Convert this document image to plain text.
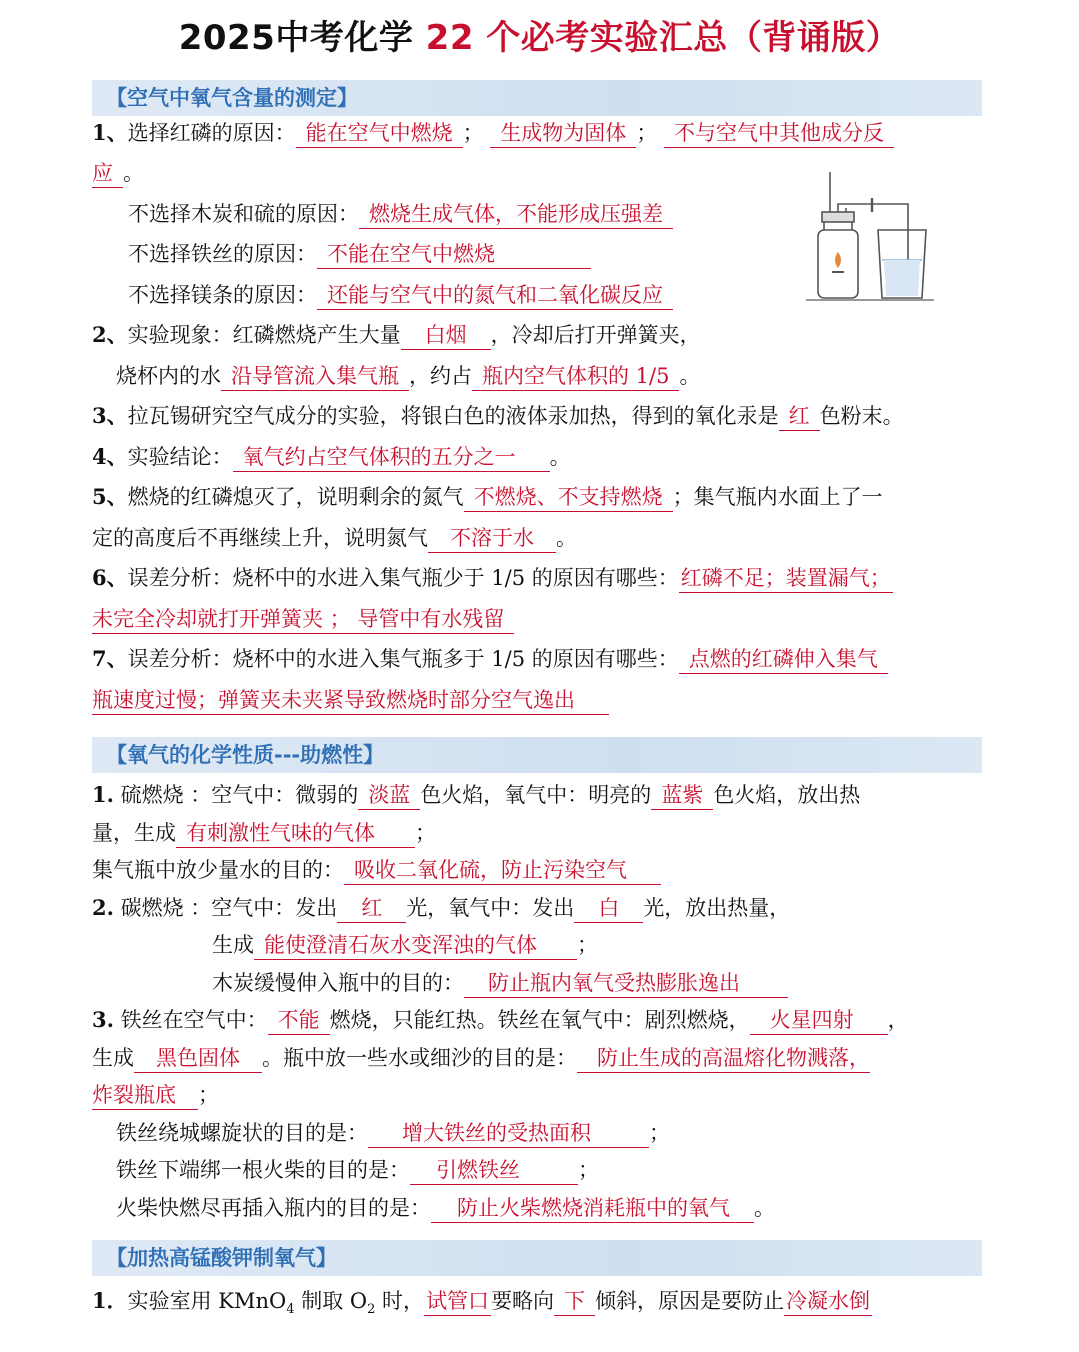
2025中考化学 22 个必考实验汇总（背诵版）
【空气中氧气含量的测定】
1、选择红磷的原因： 能在空气中燃烧 ； 生成物为固体 ； 不与空气中其他成分反
应 。
不选择木炭和硫的原因： 燃烧生成气体，不能形成压强差
不选择铁丝的原因： 不能在空气中燃烧
不选择镁条的原因： 还能与空气中的氮气和二氧化碳反应
2、实验现象：红磷燃烧产生大量 白烟 ，冷却后打开弹簧夹，
烧杯内的水 沿导管流入集气瓶 ，约占 瓶内空气体积的 1/5 。
3、拉瓦锡研究空气成分的实验，将银白色的液体汞加热，得到的氧化汞是 红 色粉末。
4、实验结论： 氧气约占空气体积的五分之一 。
5、燃烧的红磷熄灭了，说明剩余的氮气 不燃烧、不支持燃烧 ；集气瓶内水面上了一
定的高度后不再继续上升，说明氮气 不溶于水 。
6、误差分析：烧杯中的水进入集气瓶少于 1/5 的原因有哪些：红磷不足；装置漏气；
未完全冷却就打开弹簧夹 ； 导管中有水残留
7、误差分析：烧杯中的水进入集气瓶多于 1/5 的原因有哪些： 点燃的红磷伸入集气
瓶速度过慢；弹簧夹未夹紧导致燃烧时部分空气逸出
【氧气的化学性质---助燃性】
1. 硫燃烧 ：空气中：微弱的 淡蓝 色火焰，氧气中：明亮的 蓝紫 色火焰，放出热
量，生成 有刺激性气味的气体 ；
集气瓶中放少量水的目的： 吸收二氧化硫，防止污染空气
2. 碳燃烧 ：空气中：发出 红 光，氧气中：发出 白 光，放出热量，
生成 能使澄清石灰水变浑浊的气体 ；
木炭缓慢伸入瓶中的目的： 防止瓶内氧气受热膨胀逸出
3. 铁丝在空气中： 不能 燃烧，只能红热。铁丝在氧气中：剧烈燃烧， 火星四射 ，
生成 黑色固体 。瓶中放一些水或细沙的目的是： 防止生成的高温熔化物溅落，
炸裂瓶底 ；
铁丝绕城螺旋状的目的是： 增大铁丝的受热面积	；
铁丝下端绑一根火柴的目的是： 引燃铁丝	；
火柴快燃尽再插入瓶内的目的是： 防止火柴燃烧消耗瓶中的氧气 。
【加热高锰酸钾制氧气】
1．实验室用 KMnO$_4$ 制取 $O_2$ 时，试管口要略向 下 倾斜，原因是要防止冷凝水倒
